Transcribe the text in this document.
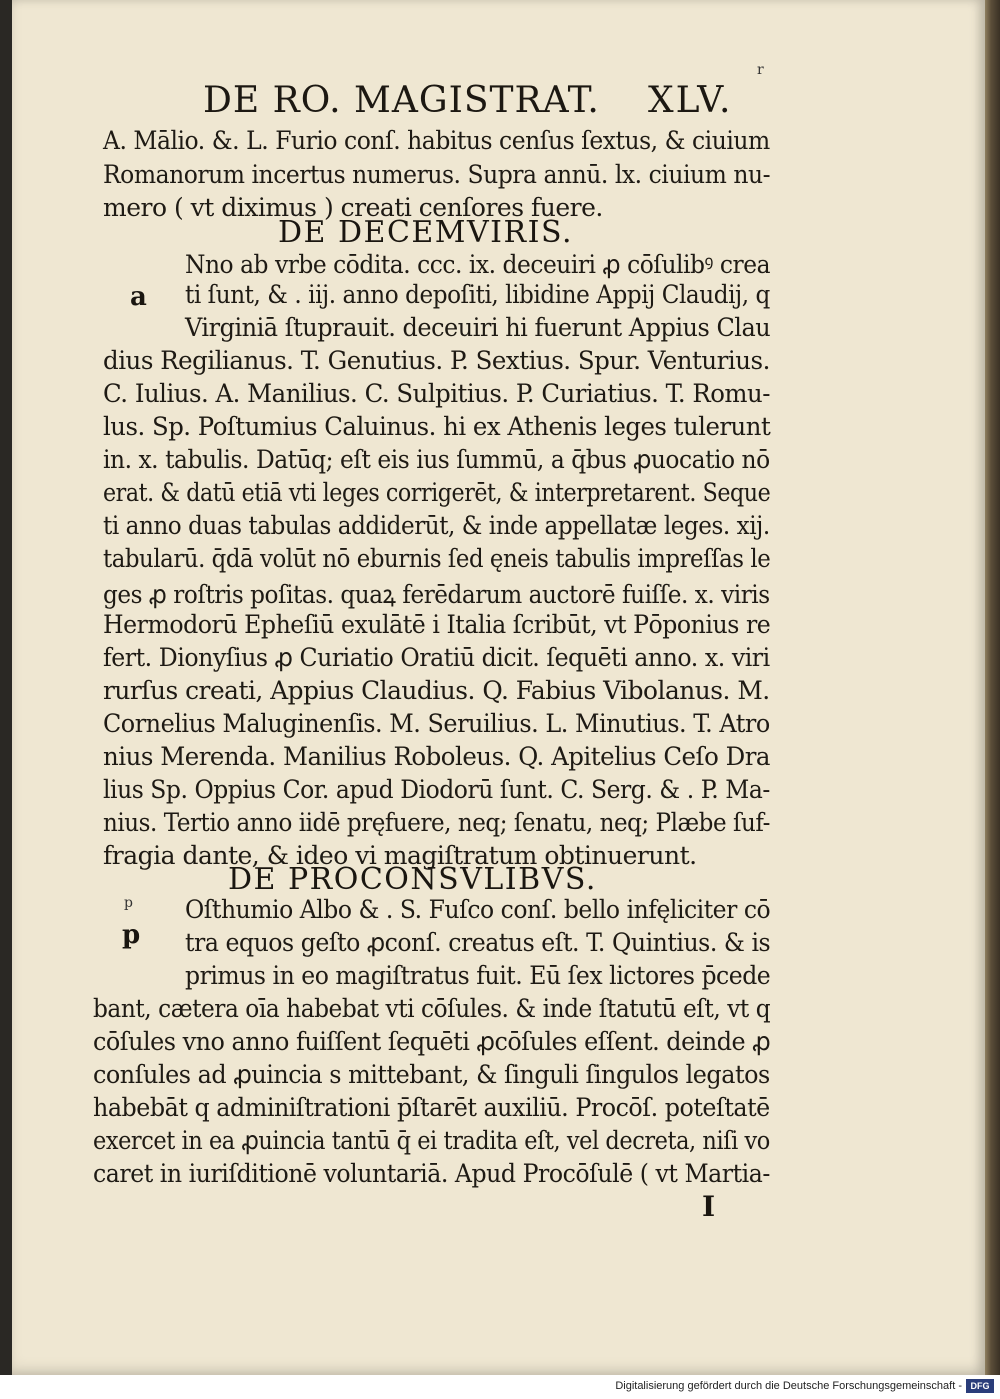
DE RO. MAGISTRAT. XLV.
r
A. Mālio. &. L. Furio conſ. habitus cenſus ſextus, & ciuium
Romanorum incertus numerus. Supra annū. lx. ciuium nu-
mero ( vt diximus ) creati cenſores fuere.
DE DECEMVIRIS.
a
Nno ab vrbe cōdita. ccc. ix. deceuiri ꝓ cōſulibꝰ crea
ti ſunt, & . iij. anno depoſiti, libidine Appij Claudij, q
Virginiā ſtuprauit. deceuiri hi fuerunt Appius Clau
dius Regilianus. T. Genutius. P. Sextius. Spur. Venturius.
C. Iulius. A. Manilius. C. Sulpitius. P. Curiatius. T. Romu-
lus. Sp. Poſtumius Caluinus. hi ex Athenis leges tulerunt
in. x. tabulis. Datūq; eſt eis ius ſummū, a q̄bus ꝓuocatio nō
erat. & datū etiā vti leges corrigerēt, & interpretarent. Seque
ti anno duas tabulas addiderūt, & inde appellatæ leges. xij.
tabularū. q̄dā volūt nō eburnis ſed ęneis tabulis impreſſas le
ges ꝓ roſtris poſitas. quaꝝ ferēdarum auctorē fuiſſe. x. viris
Hermodorū Epheſiū exulātē i Italia ſcribūt, vt Pōponius re
fert. Dionyſius ꝓ Curiatio Oratiū dicit. ſequēti anno. x. viri
rurſus creati, Appius Claudius. Q. Fabius Vibolanus. M.
Cornelius Maluginenſis. M. Seruilius. L. Minutius. T. Atro
nius Merenda. Manilius Roboleus. Q. Apitelius Ceſo Dra
lius Sp. Oppius Cor. apud Diodorū ſunt. C. Serg. & . P. Ma-
nius. Tertio anno iidē pręfuere, neq; ſenatu, neq; Plæbe ſuf-
fragia dante, & ideo vi magiſtratum obtinuerunt.
DE PROCONSVLIBVS.
p
p
Oſthumio Albo & . S. Fuſco conſ. bello infęliciter cō
tra equos geſto ꝓconſ. creatus eſt. T. Quintius. & is
primus in eo magiſtratus fuit. Eū ſex lictores p̄cede
bant, cætera oīa habebat vti cōſules. & inde ſtatutū eſt, vt q
cōſules vno anno fuiſſent ſequēti ꝓcōſules eſſent. deinde ꝓ
conſules ad ꝓuincia s mittebant, & ſinguli ſingulos legatos
habebāt q adminiſtrationi p̄ſtarēt auxiliū. Procōſ. poteſtatē
exercet in ea ꝓuincia tantū q̄ ei tradita eſt, vel decreta, niſi vo
caret in iuriſditionē voluntariā. Apud Procōſulē ( vt Martia-
I
Digitalisierung gefördert durch die Deutsche Forschungsgemeinschaft - DFG
